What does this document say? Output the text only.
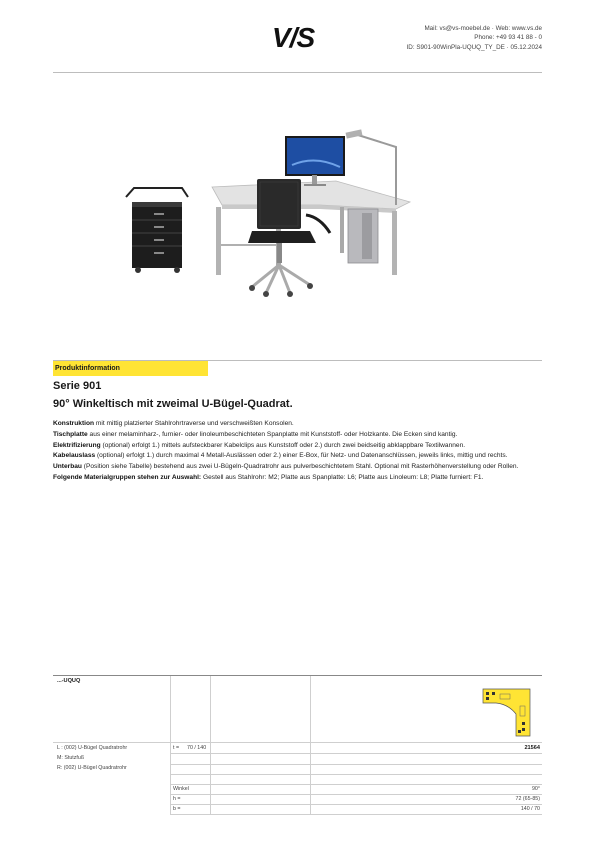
V/S	Mail: vs@vs-moebel.de · Web: www.vs.de
Phone: +49 93 41 88 - 0
ID: S901-90WinPla-UQUQ_TY_DE · 05.12.2024
Produktinformation
Serie 901
90° Winkeltisch mit zweimal U-Bügel-Quadrat.

Konstruktion mit mittig platzierter Stahlrohrtraverse und verschweißten Konsolen.

Tischplatte aus einer melaminharz-, furnier- oder linoleumbeschichteten Spanplatte mit Kunststoff- oder Holzkante. Die Ecken sind kantig.

Elektrifizierung (optional) erfolgt 1.) mittels aufsteckbarer Kabelclips aus Kunststoff oder 2.) durch zwei beidseitig abklappbare Textilwannen.

Kabelauslass (optional) erfolgt 1.) durch maximal 4 Metall-Auslässen oder 2.) einer E-Box, für Netz- und Datenanschlüssen, jeweils links, mittig und rechts.

Unterbau (Position siehe Tabelle) bestehend aus zwei U-Bügeln-Quadratrohr aus pulverbeschichtetem Stahl. Optional mit Rasterhöhenverstellung oder Rollen.

Folgende Materialgruppen stehen zur Auswahl: Gestell aus Stahlrohr: M2; Platte aus Spanplatte: L6; Platte aus Linoleum: L8; Platte furniert: F1.

...-UQUQ
L : (002) U-Bügel Quadratrohr
M: Stutzfuß
R: (002) U-Bügel Quadratrohr
t = 70 / 140	21564
Winkel	90°
h =	72 (65-85)
b =	140 / 70
